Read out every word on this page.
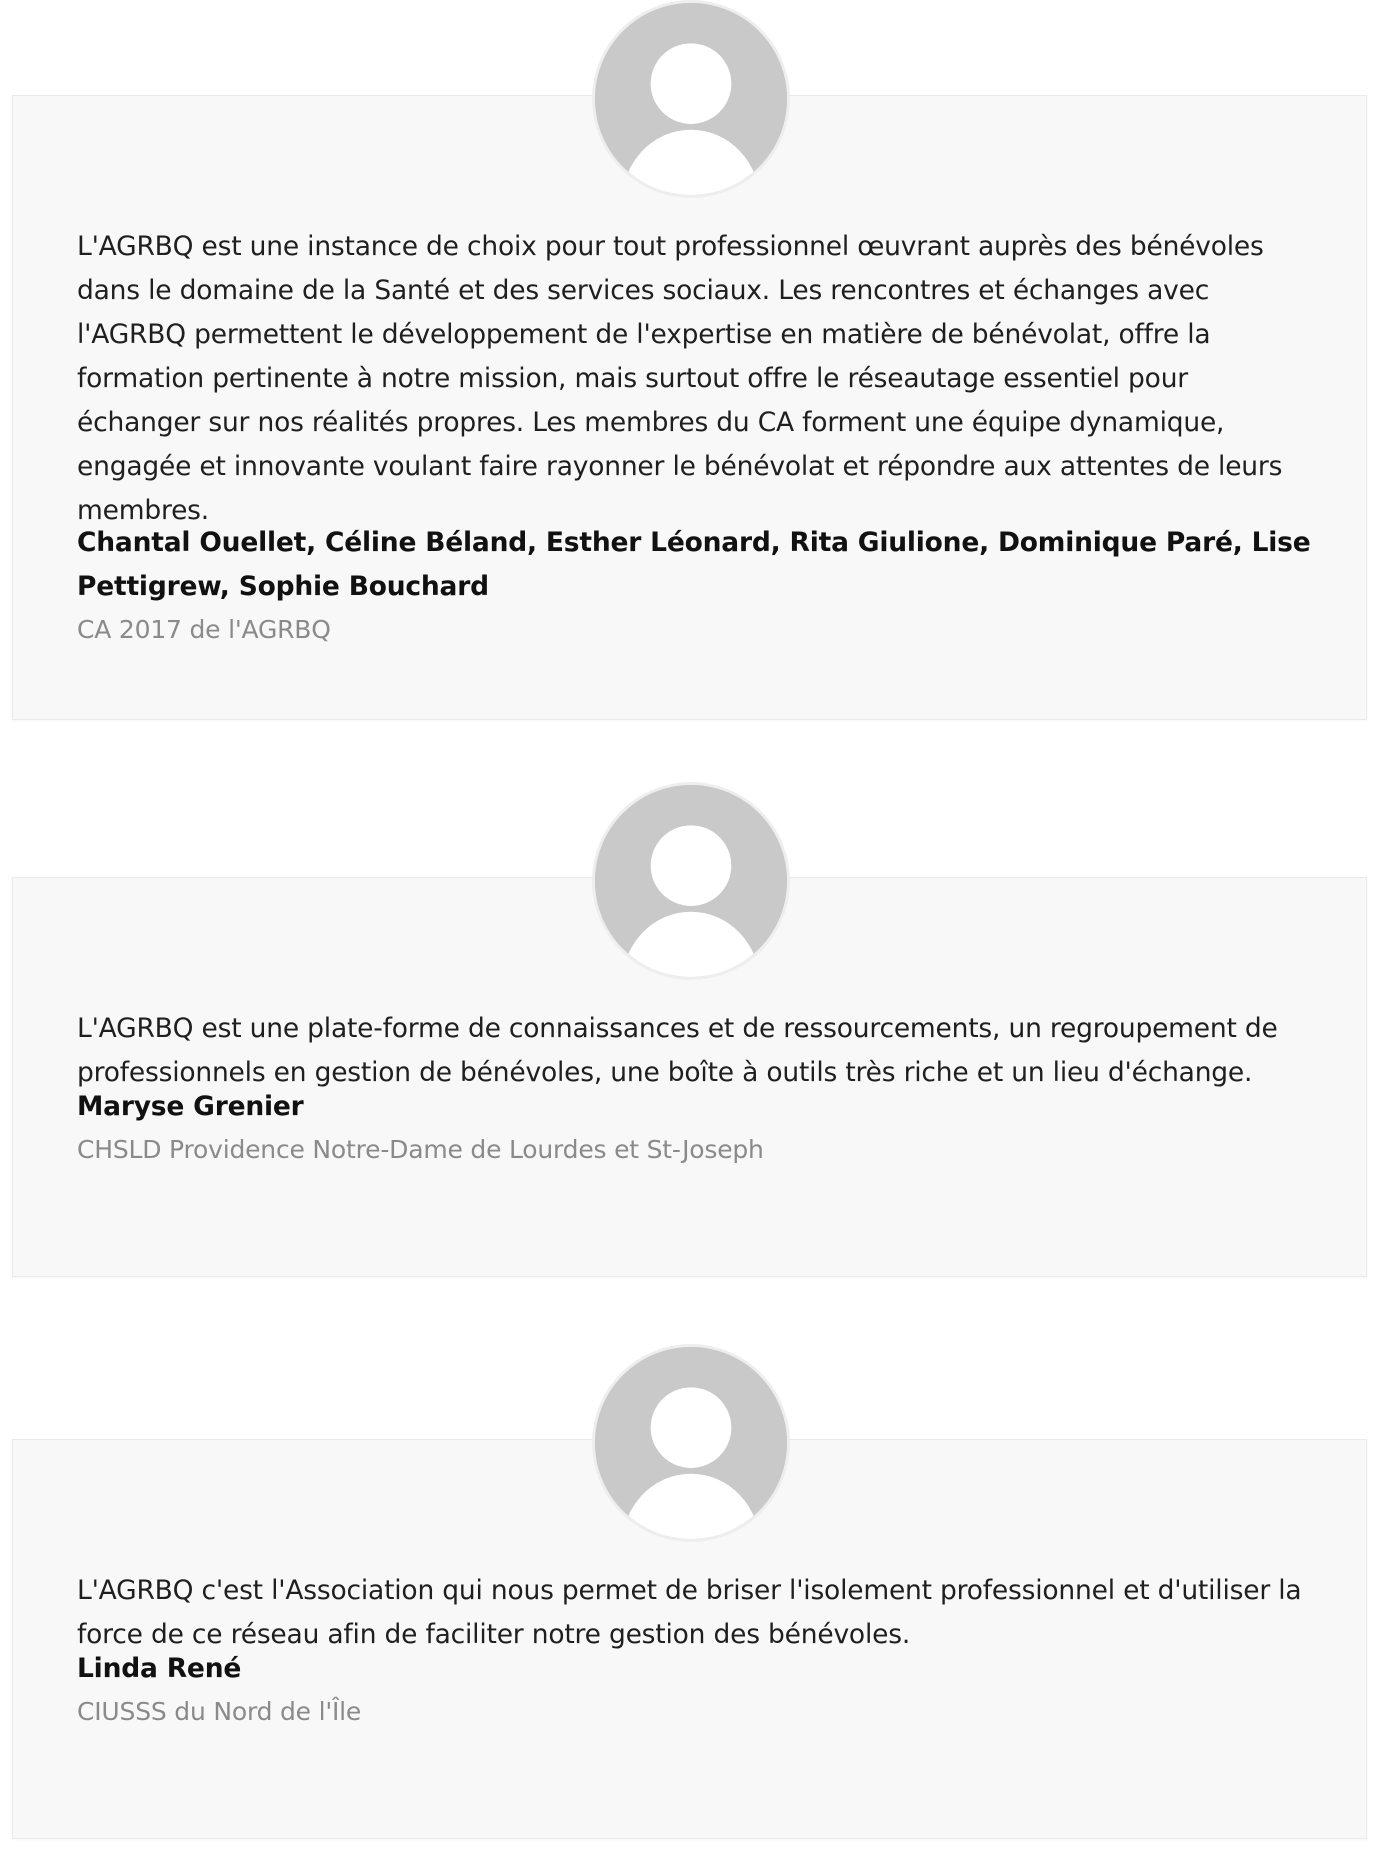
L'AGRBQ est une instance de choix pour tout professionnel œuvrant auprès des bénévoles dans le domaine de la Santé et des services sociaux. Les rencontres et échanges avec l'AGRBQ permettent le développement de l'expertise en matière de bénévolat, offre la formation pertinente à notre mission, mais surtout offre le réseautage essentiel pour échanger sur nos réalités propres. Les membres du CA forment une équipe dynamique, engagée et innovante voulant faire rayonner le bénévolat et répondre aux attentes de leurs membres.

Chantal Ouellet, Céline Béland, Esther Léonard, Rita Giulione, Dominique Paré, Lise Pettigrew, Sophie Bouchard

CA 2017 de l'AGRBQ

L'AGRBQ est une plate-forme de connaissances et de ressourcements, un regroupement de professionnels en gestion de bénévoles, une boîte à outils très riche et un lieu d'échange.

Maryse Grenier

CHSLD Providence Notre-Dame de Lourdes et St-Joseph

L'AGRBQ c'est l'Association qui nous permet de briser l'isolement professionnel et d'utiliser la force de ce réseau afin de faciliter notre gestion des bénévoles.

Linda René

CIUSSS du Nord de l'Île
